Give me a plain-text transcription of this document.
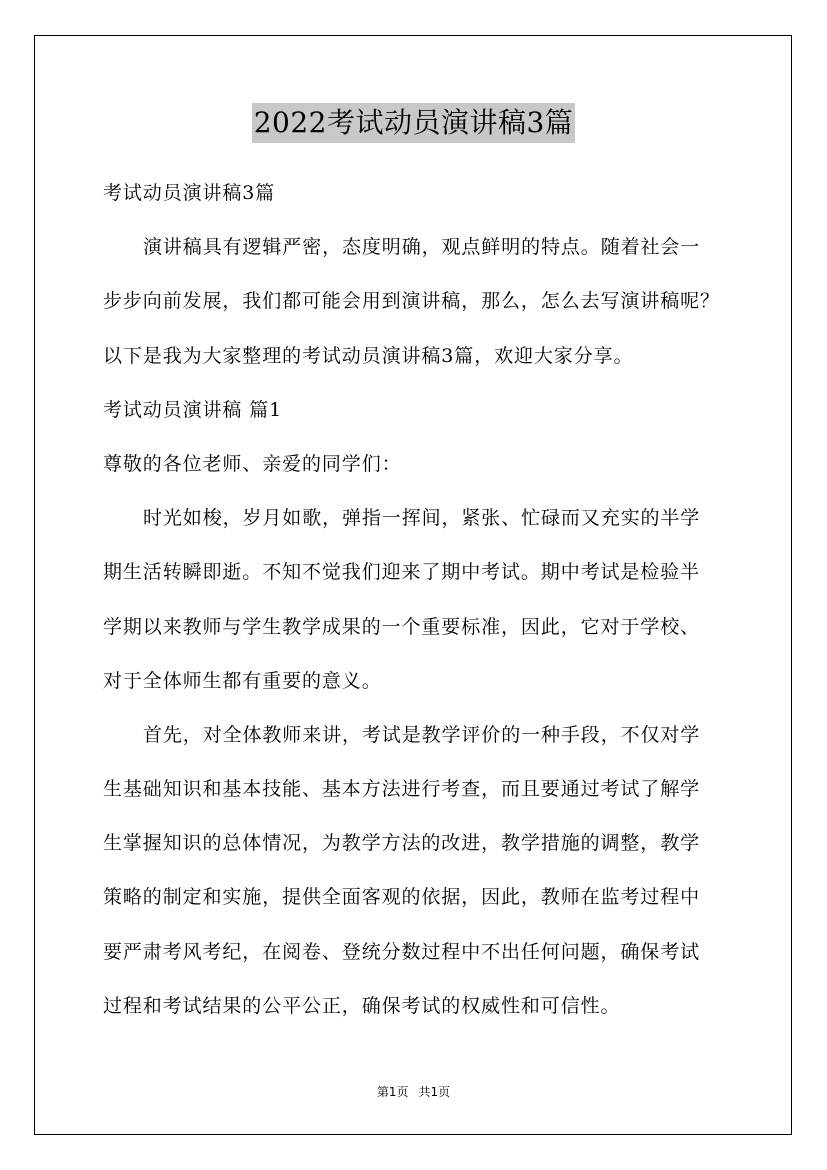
2022考试动员演讲稿3篇
考试动员演讲稿3篇
演讲稿具有逻辑严密，态度明确，观点鲜明的特点。随着社会一
步步向前发展，我们都可能会用到演讲稿，那么，怎么去写演讲稿呢？
以下是我为大家整理的考试动员演讲稿3篇，欢迎大家分享。
考试动员演讲稿 篇1
尊敬的各位老师、亲爱的同学们：
时光如梭，岁月如歌，弹指一挥间，紧张、忙碌而又充实的半学
期生活转瞬即逝。不知不觉我们迎来了期中考试。期中考试是检验半
学期以来教师与学生教学成果的一个重要标准，因此，它对于学校、
对于全体师生都有重要的意义。
首先，对全体教师来讲，考试是教学评价的一种手段，不仅对学
生基础知识和基本技能、基本方法进行考查，而且要通过考试了解学
生掌握知识的总体情况，为教学方法的改进，教学措施的调整，教学
策略的制定和实施，提供全面客观的依据，因此，教师在监考过程中
要严肃考风考纪，在阅卷、登统分数过程中不出任何问题，确保考试
过程和考试结果的公平公正，确保考试的权威性和可信性。
第1页 共1页
